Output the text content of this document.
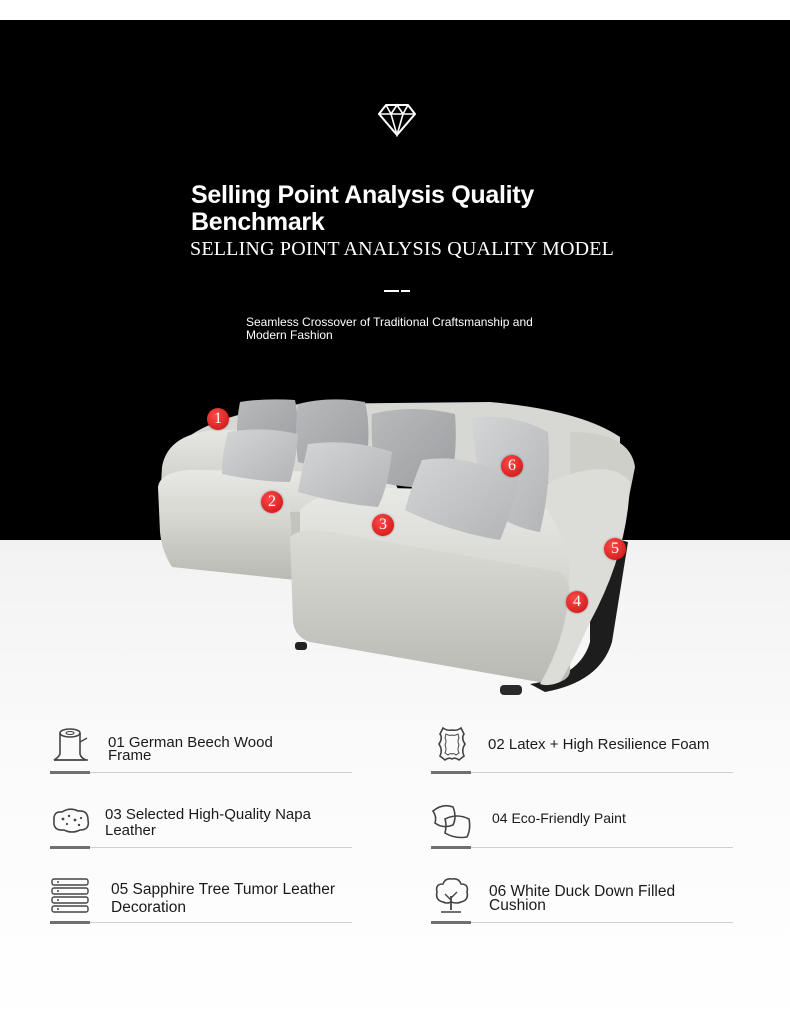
Selling Point Analysis Quality Benchmark
SELLING POINT ANALYSIS QUALITY MODEL
Seamless Crossover of Traditional Craftsmanship and Modern Fashion
1
2
3
4
5
6
01 German Beech Wood Frame
02 Latex + High Resilience Foam
03 Selected High-Quality Napa Leather
04 Eco-Friendly Paint
05 Sapphire Tree Tumor Leather Decoration
06 White Duck Down Filled Cushion
